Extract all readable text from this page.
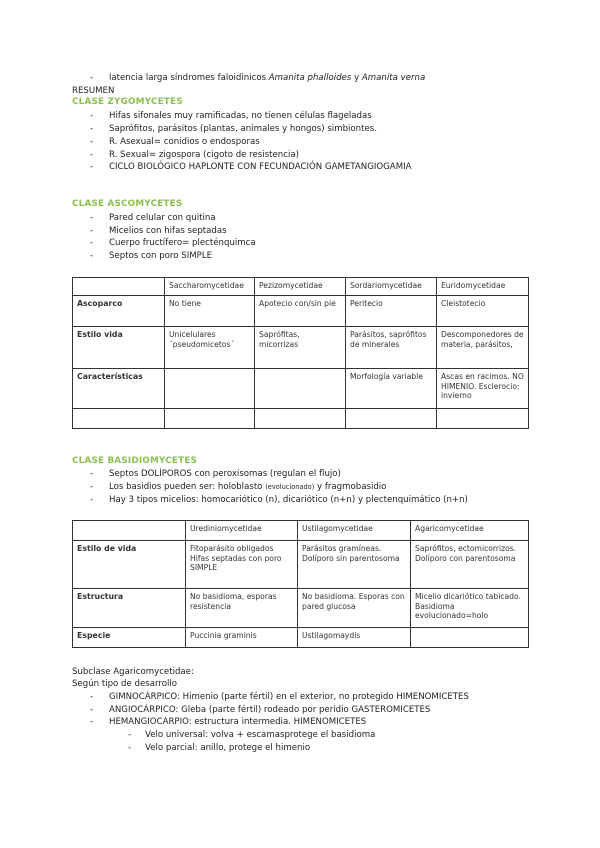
- latencia larga síndromes faloidinicos Amanita phalloides y Amanita verna
RESUMEN
CLASE ZYGOMYCETES
- Hifas sifonales muy ramificadas, no tienen células flageladas
- Saprófitos, parásitos (plantas, animales y hongos) simbiontes.
- R. Asexual= conidios o endosporas
- R. Sexual= zigospora (cigoto de resistencia)
- CICLO BIOLÓGICO HAPLONTE CON FECUNDACIÓN GAMETANGIOGAMIA
CLASE ASCOMYCETES
- Pared celular con quitina
- Micelios con hifas septadas
- Cuerpo fructífero= plecténquimca
- Septos con poro SIMPLE
	Saccharomycetidae	Pezizomycetidae	Sordariomycetidae	Euridomycetidae
Ascoparco	No tiene	Apotecio con/sin pie	Peritecio	Cleistotecio
Estilo vida	Unicelulares ´pseudomicetos´	Saprófitas, micorrizas	Parásitos, saprófitos de minerales	Descomponedores de materia, parásitos,
Características			Morfología variable	Ascas en racimos. NO HIMENIO. Esclerocio: invierno

CLASE BASIDIOMYCETES
- Septos DOLÍPOROS con peroxisomas (regulan el flujo)
- Los basidios pueden ser: holoblasto (evolucionado) y fragmobasidio
- Hay 3 tipos micelios: homocariótico (n), dicariótico (n+n) y plectenquimático (n+n)
	Urediniomycetidae	Ustilagomycetidae	Agaricomycetidae
Estilo de vida	Fitoparásito obligados Hifas septadas con poro SIMPLE	Parásitos gramíneas. Dolíporo sin parentosoma	Saprófitos, ectomicorrizos. Dolíporo con parentosoma
Estructura	No basidioma, esporas resistencia	No basidioma. Esporas con pared glucosa	Micelio dicariótico tabicado. Basidioma evolucionado=holo
Especie	Puccinia graminis	Ustilagomaydis	
Subclase Agaricomycetidae:
Según tipo de desarrollo
- GIMNOCÁRPICO: Himenio (parte fértil) en el exterior, no protegido HIMENOMICETES
- ANGIOCÁRPICO: Gleba (parte fértil) rodeado por peridio GASTEROMICETES
- HEMANGIOCARPIO: estructura intermedia. HIMENOMICETES
- Velo universal: volva + escamasprotege el basidioma
- Velo parcial: anillo, protege el himenio
